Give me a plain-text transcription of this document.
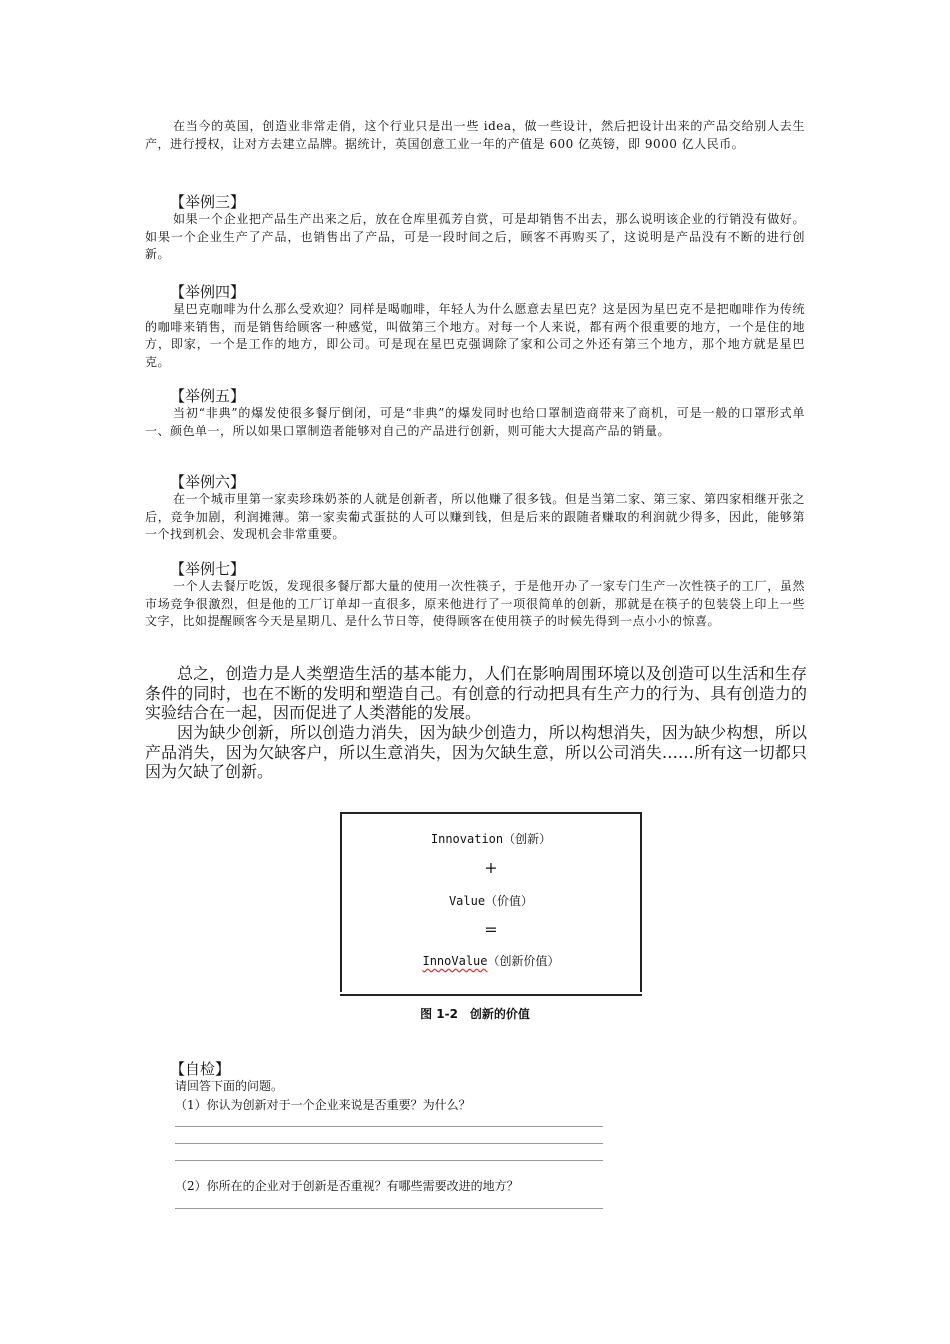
在当今的英国，创造业非常走俏，这个行业只是出一些 idea，做一些设计，然后把设计出来的产品交给别人去生产，进行授权，让对方去建立品牌。据统计，英国创意工业一年的产值是 600 亿英镑，即 9000 亿人民币。

【举例三】

如果一个企业把产品生产出来之后，放在仓库里孤芳自赏，可是却销售不出去，那么说明该企业的行销没有做好。如果一个企业生产了产品，也销售出了产品，可是一段时间之后，顾客不再购买了，这说明是产品没有不断的进行创新。

【举例四】

星巴克咖啡为什么那么受欢迎？同样是喝咖啡，年轻人为什么愿意去星巴克？这是因为星巴克不是把咖啡作为传统的咖啡来销售，而是销售给顾客一种感觉，叫做第三个地方。对每一个人来说，都有两个很重要的地方，一个是住的地方，即家，一个是工作的地方，即公司。可是现在星巴克强调除了家和公司之外还有第三个地方，那个地方就是星巴克。

【举例五】

当初“非典”的爆发使很多餐厅倒闭，可是“非典”的爆发同时也给口罩制造商带来了商机，可是一般的口罩形式单一、颜色单一，所以如果口罩制造者能够对自己的产品进行创新，则可能大大提高产品的销量。

【举例六】

在一个城市里第一家卖珍珠奶茶的人就是创新者，所以他赚了很多钱。但是当第二家、第三家、第四家相继开张之后，竞争加剧，利润摊薄。第一家卖葡式蛋挞的人可以赚到钱，但是后来的跟随者赚取的利润就少得多，因此，能够第一个找到机会、发现机会非常重要。

【举例七】

一个人去餐厅吃饭，发现很多餐厅都大量的使用一次性筷子，于是他开办了一家专门生产一次性筷子的工厂，虽然市场竞争很激烈，但是他的工厂订单却一直很多，原来他进行了一项很简单的创新，那就是在筷子的包装袋上印上一些文字，比如提醒顾客今天是星期几、是什么节日等，使得顾客在使用筷子的时候先得到一点小小的惊喜。

总之，创造力是人类塑造生活的基本能力，人们在影响周围环境以及创造可以生活和生存条件的同时，也在不断的发明和塑造自己。有创意的行动把具有生产力的行为、具有创造力的实验结合在一起，因而促进了人类潜能的发展。

因为缺少创新，所以创造力消失，因为缺少创造力，所以构想消失，因为缺少构想，所以产品消失，因为欠缺客户，所以生意消失，因为欠缺生意，所以公司消失……所有这一切都只因为欠缺了创新。

Innovation（创新）
+
Value（价值）
=
InnoValue（创新价值）
图 1-2　创新的价值
【自检】
请回答下面的问题。
（1）你认为创新对于一个企业来说是否重要？为什么？
（2）你所在的企业对于创新是否重视？有哪些需要改进的地方？
